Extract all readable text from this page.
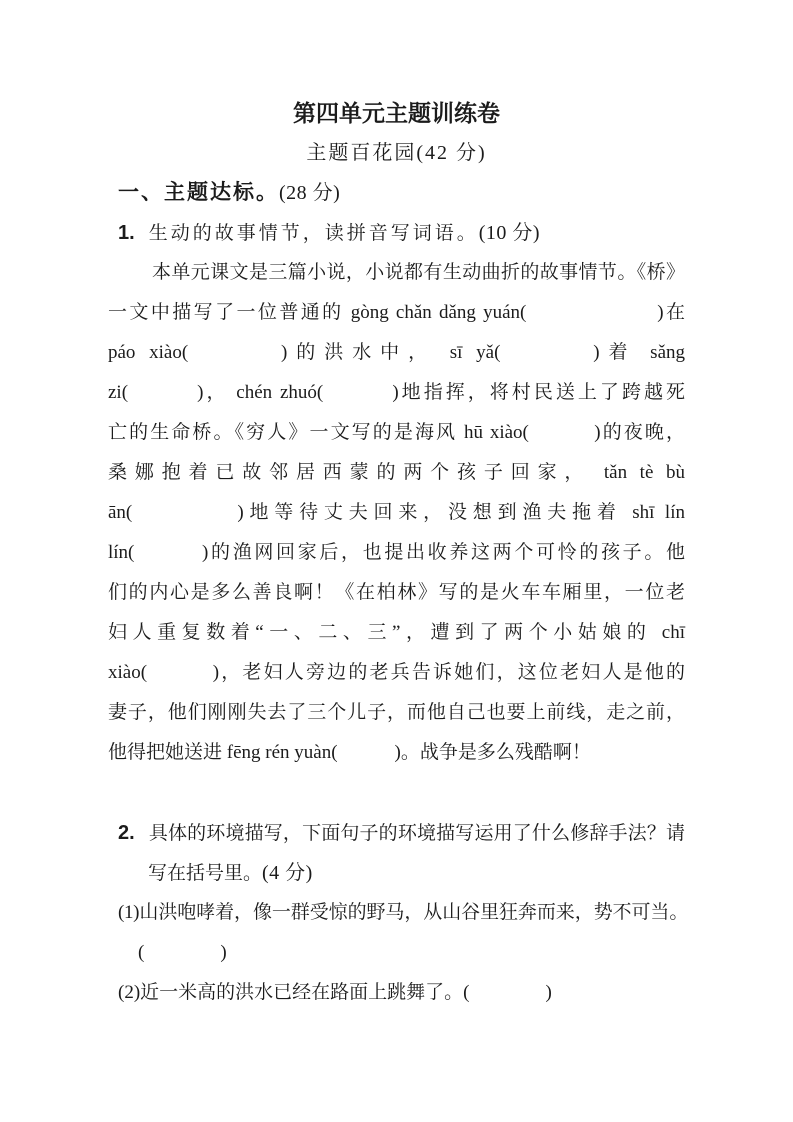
第四单元主题训练卷
主题百花园(42 分)
一、主题达标。(28 分)
1. 生动的故事情节，读拼音写词语。(10 分)
本单元课文是三篇小说，小说都有生动曲折的故事情节。《桥》
一文中描写了一位普通的 gòng chǎn dǎng yuán(　　　　　　)在
páo xiào(　　　)的洪水中， sī yǎ(　　　)着 sǎng
zi(　　　)， chén zhuó(　　　)地指挥，将村民送上了跨越死
亡的生命桥。《穷人》一文写的是海风 hū xiào(　　　)的夜晚，
桑娜抱着已故邻居西蒙的两个孩子回家， tǎn tè bù
ān(　　　　)地等待丈夫回来，没想到渔夫拖着 shī lín
lín(　　　)的渔网回家后，也提出收养这两个可怜的孩子。他
们的内心是多么善良啊！《在柏林》写的是火车车厢里，一位老
妇人重复数着“一、二、三”，遭到了两个小姑娘的 chī
xiào(　　　)，老妇人旁边的老兵告诉她们，这位老妇人是他的
妻子，他们刚刚失去了三个儿子，而他自己也要上前线，走之前，
他得把她送进 fēng rén yuàn(　　　)。战争是多么残酷啊！
2. 具体的环境描写，下面句子的环境描写运用了什么修辞手法？请
写在括号里。(4 分)
(1)山洪咆哮着，像一群受惊的野马，从山谷里狂奔而来，势不可当。
(　　　　)
(2)近一米高的洪水已经在路面上跳舞了。(　　　　)
